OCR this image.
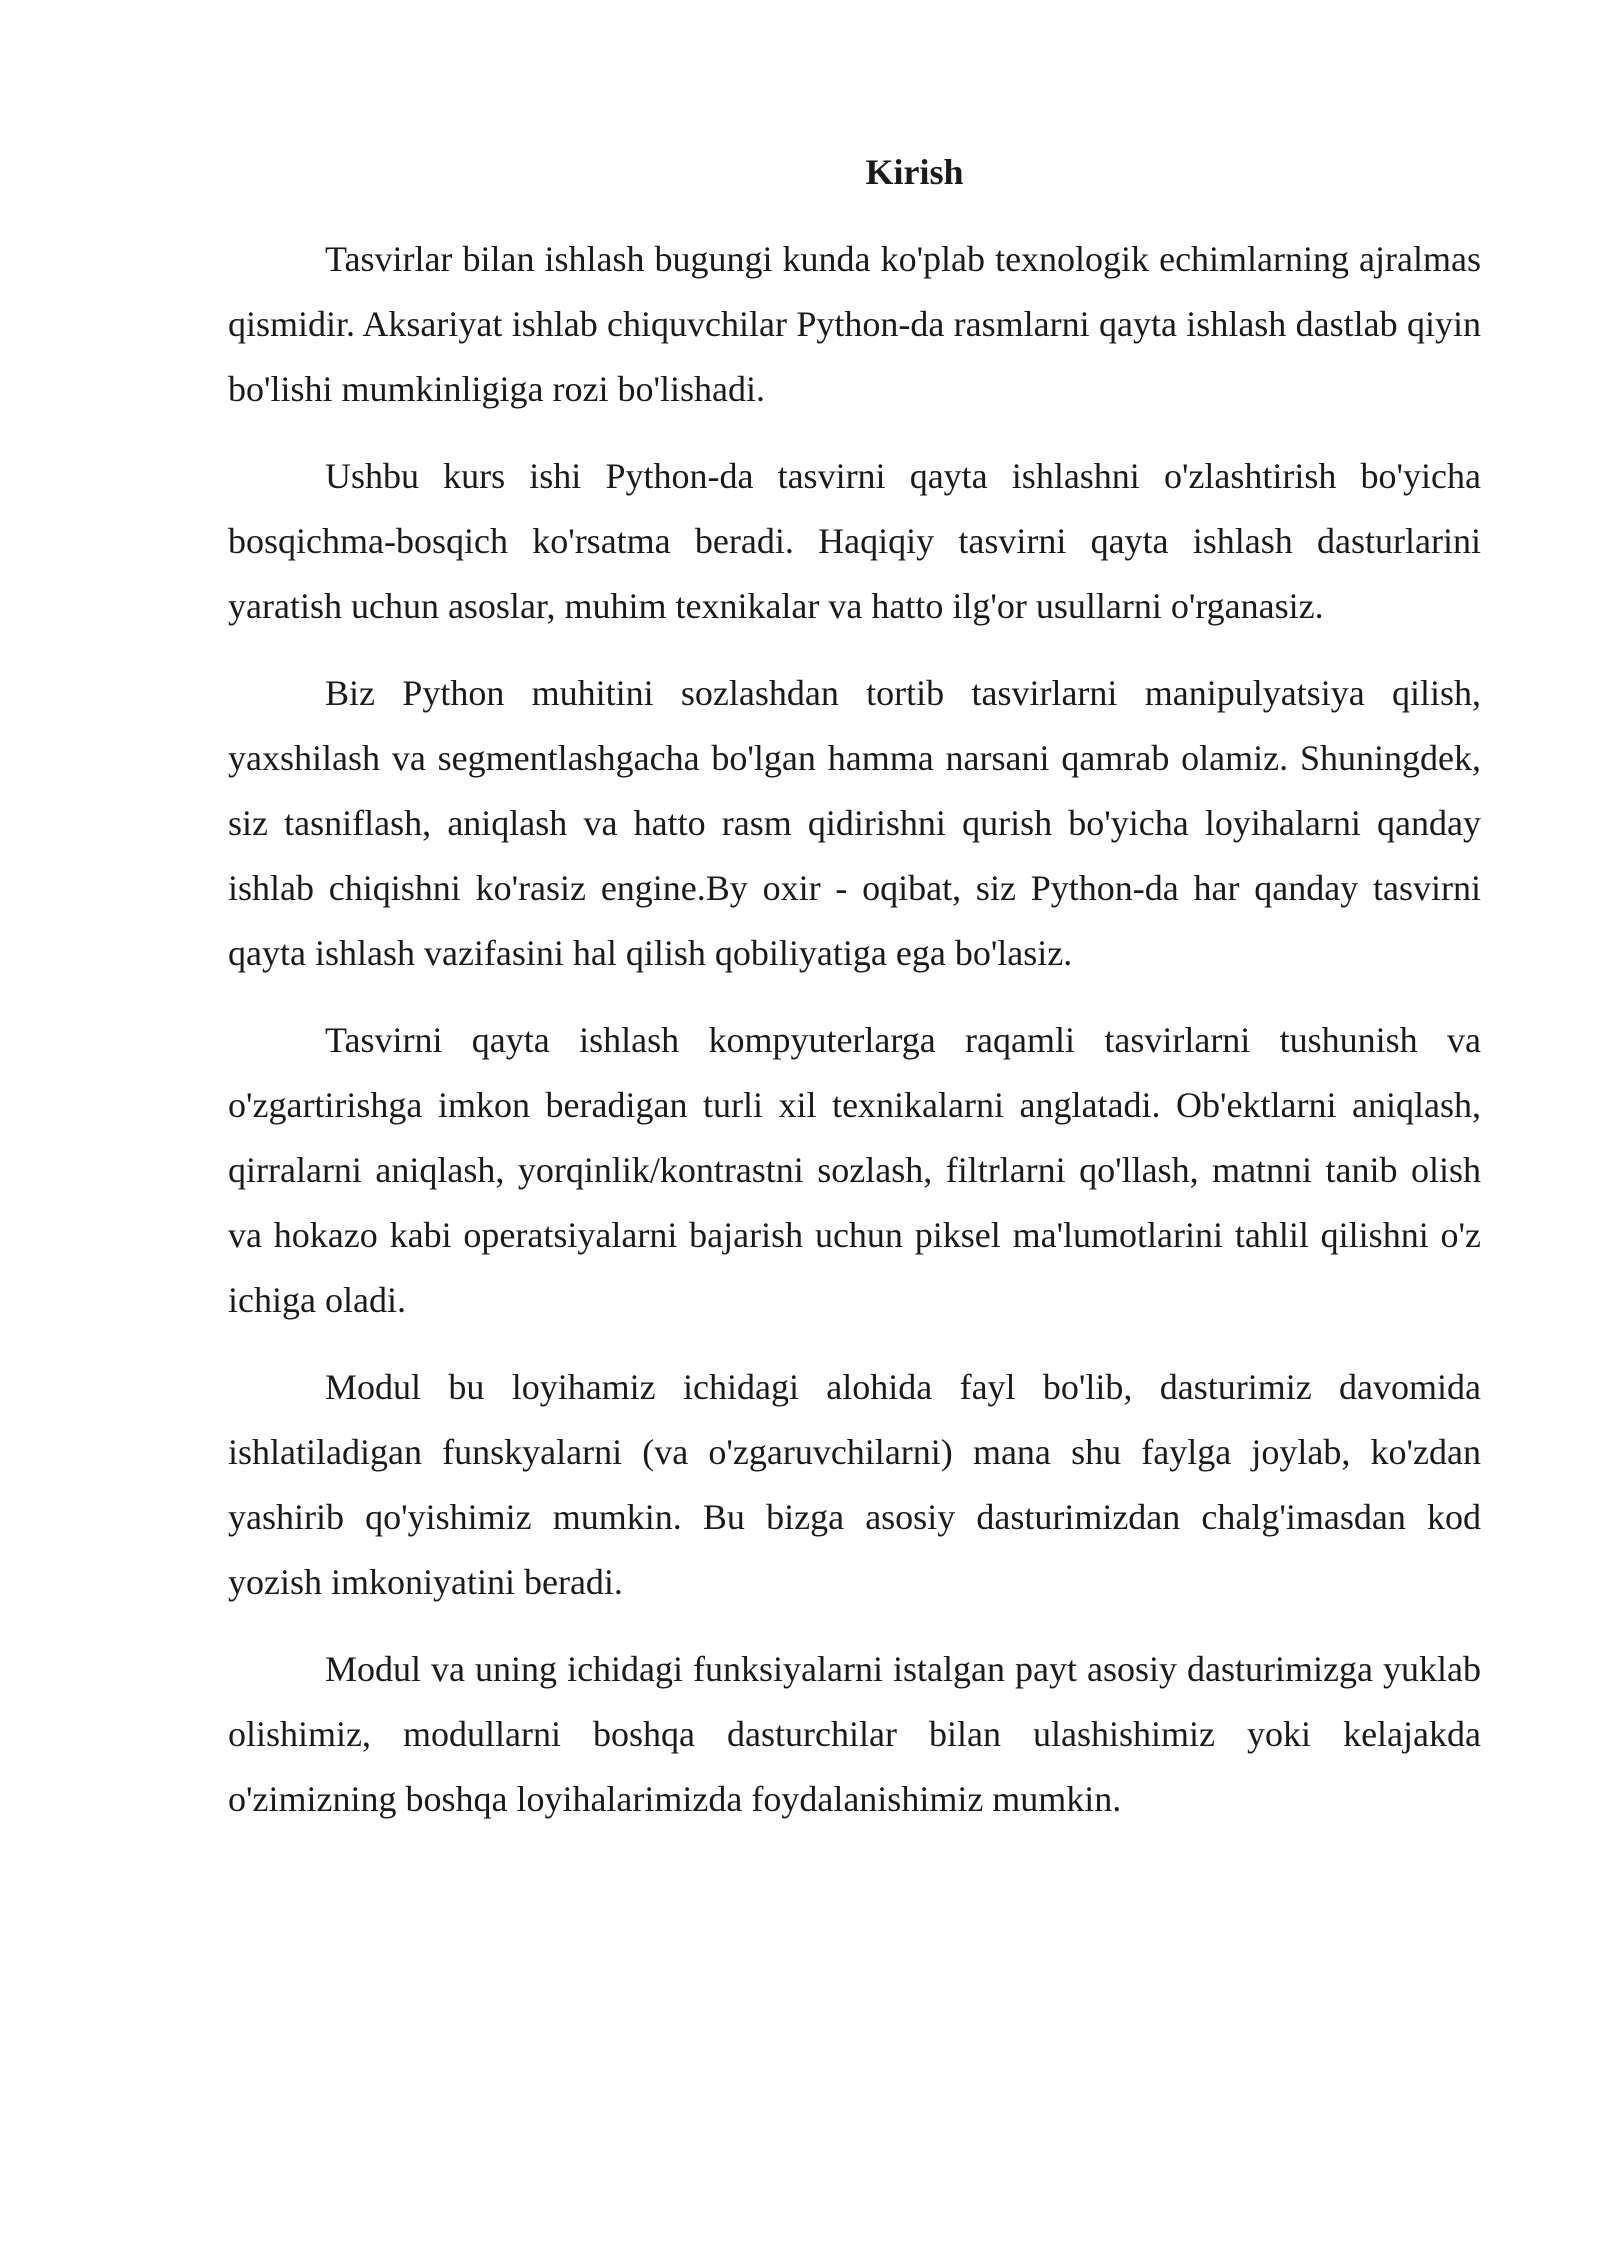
Kirish

Tasvirlar bilan ishlash bugungi kunda ko'plab texnologik echimlarning ajralmas qismidir. Aksariyat ishlab chiquvchilar Python-da rasmlarni qayta ishlash dastlab qiyin bo'lishi mumkinligiga rozi bo'lishadi.

Ushbu kurs ishi Python-da tasvirni qayta ishlashni o'zlashtirish bo'yicha bosqichma-bosqich ko'rsatma beradi. Haqiqiy tasvirni qayta ishlash dasturlarini yaratish uchun asoslar, muhim texnikalar va hatto ilg'or usullarni o'rganasiz.

Biz Python muhitini sozlashdan tortib tasvirlarni manipulyatsiya qilish, yaxshilash va segmentlashgacha bo'lgan hamma narsani qamrab olamiz. Shuningdek, siz tasniflash, aniqlash va hatto rasm qidirishni qurish bo'yicha loyihalarni qanday ishlab chiqishni ko'rasiz engine.By oxir - oqibat, siz Python-da har qanday tasvirni qayta ishlash vazifasini hal qilish qobiliyatiga ega bo'lasiz.

Tasvirni qayta ishlash kompyuterlarga raqamli tasvirlarni tushunish va o'zgartirishga imkon beradigan turli xil texnikalarni anglatadi. Ob'ektlarni aniqlash, qirralarni aniqlash, yorqinlik/kontrastni sozlash, filtrlarni qo'llash, matnni tanib olish va hokazo kabi operatsiyalarni bajarish uchun piksel ma'lumotlarini tahlil qilishni o'z ichiga oladi.

Modul bu loyihamiz ichidagi alohida fayl bo'lib, dasturimiz davomida ishlatiladigan funskyalarni (va o'zgaruvchilarni) mana shu faylga joylab, ko'zdan yashirib qo'yishimiz mumkin. Bu bizga asosiy dasturimizdan chalg'imasdan kod yozish imkoniyatini beradi.

Modul va uning ichidagi funksiyalarni istalgan payt asosiy dasturimizga yuklab olishimiz, modullarni boshqa dasturchilar bilan ulashishimiz yoki kelajakda o'zimizning boshqa loyihalarimizda foydalanishimiz mumkin.
